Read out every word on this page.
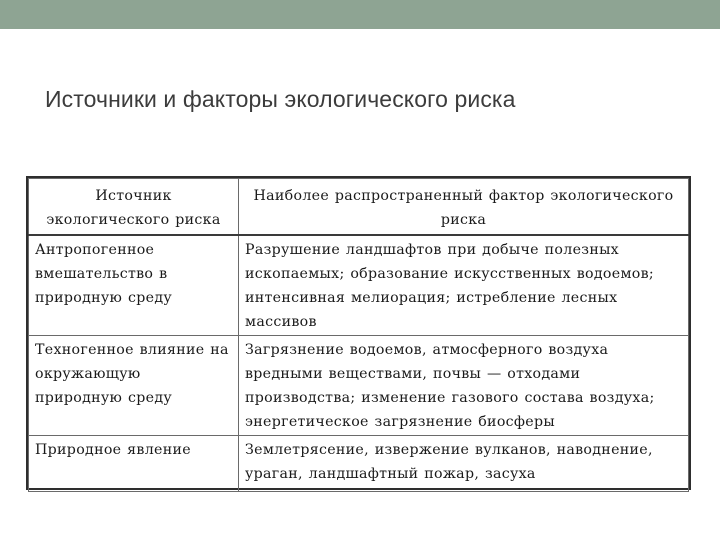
Источники и факторы экологического риска
Источник экологического риска	Наиболее распространенный фактор экологического риска
Антропогенное вмешательство в природную среду	Разрушение ландшафтов при добыче полезных ископаемых; образование искусственных водоемов; интенсивная мелиорация; истребление лесных массивов
Техногенное влияние на окружающую природную среду	Загрязнение водоемов, атмосферного воздуха вредными веществами, почвы — отходами производства; изменение газового состава воздуха; энергетическое загрязнение биосферы
Природное явление	Землетрясение, извержение вулканов, наводнение, ураган, ландшафтный пожар, засуха
